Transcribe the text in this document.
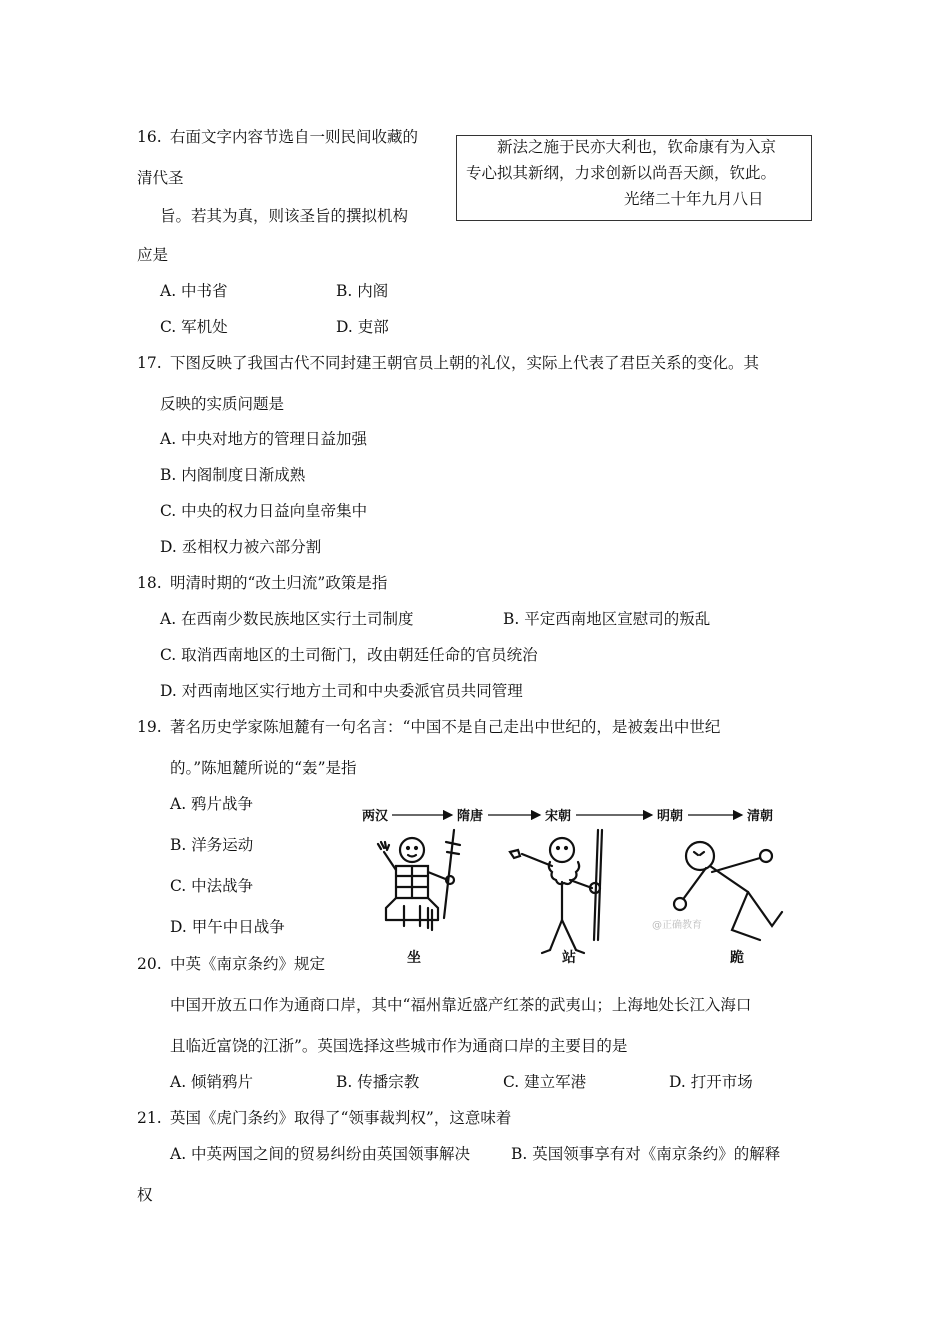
16. 右面文字内容节选自一则民间收藏的
清代圣
旨。若其为真，则该圣旨的撰拟机构
应是
A. 中书省	B. 内阁
C. 军机处	D. 吏部
新法之施于民亦大利也，钦命康有为入京
专心拟其新纲，力求创新以尚吾天颜，钦此。
光绪二十年九月八日
17. 下图反映了我国古代不同封建王朝官员上朝的礼仪，实际上代表了君臣关系的变化。其
反映的实质问题是
A. 中央对地方的管理日益加强
B. 内阁制度日渐成熟
C. 中央的权力日益向皇帝集中
D. 丞相权力被六部分割
18. 明清时期的“改土归流”政策是指
A. 在西南少数民族地区实行土司制度	B. 平定西南地区宣慰司的叛乱
C. 取消西南地区的土司衙门，改由朝廷任命的官员统治
D. 对西南地区实行地方土司和中央委派官员共同管理
19. 著名历史学家陈旭麓有一句名言：“中国不是自己走出中世纪的，是被轰出中世纪
的。”陈旭麓所说的“轰”是指
A. 鸦片战争
B. 洋务运动
C. 中法战争
D. 甲午中日战争
两汉	隋唐	宋朝	明朝	清朝
@正确教育
坐	站	跪
20. 中英《南京条约》规定
中国开放五口作为通商口岸，其中“福州靠近盛产红茶的武夷山；上海地处长江入海口
且临近富饶的江浙”。英国选择这些城市作为通商口岸的主要目的是
A. 倾销鸦片	B. 传播宗教	C. 建立军港	D. 打开市场
21. 英国《虎门条约》取得了“领事裁判权”，这意味着
A. 中英两国之间的贸易纠纷由英国领事解决	B. 英国领事享有对《南京条约》的解释
权
